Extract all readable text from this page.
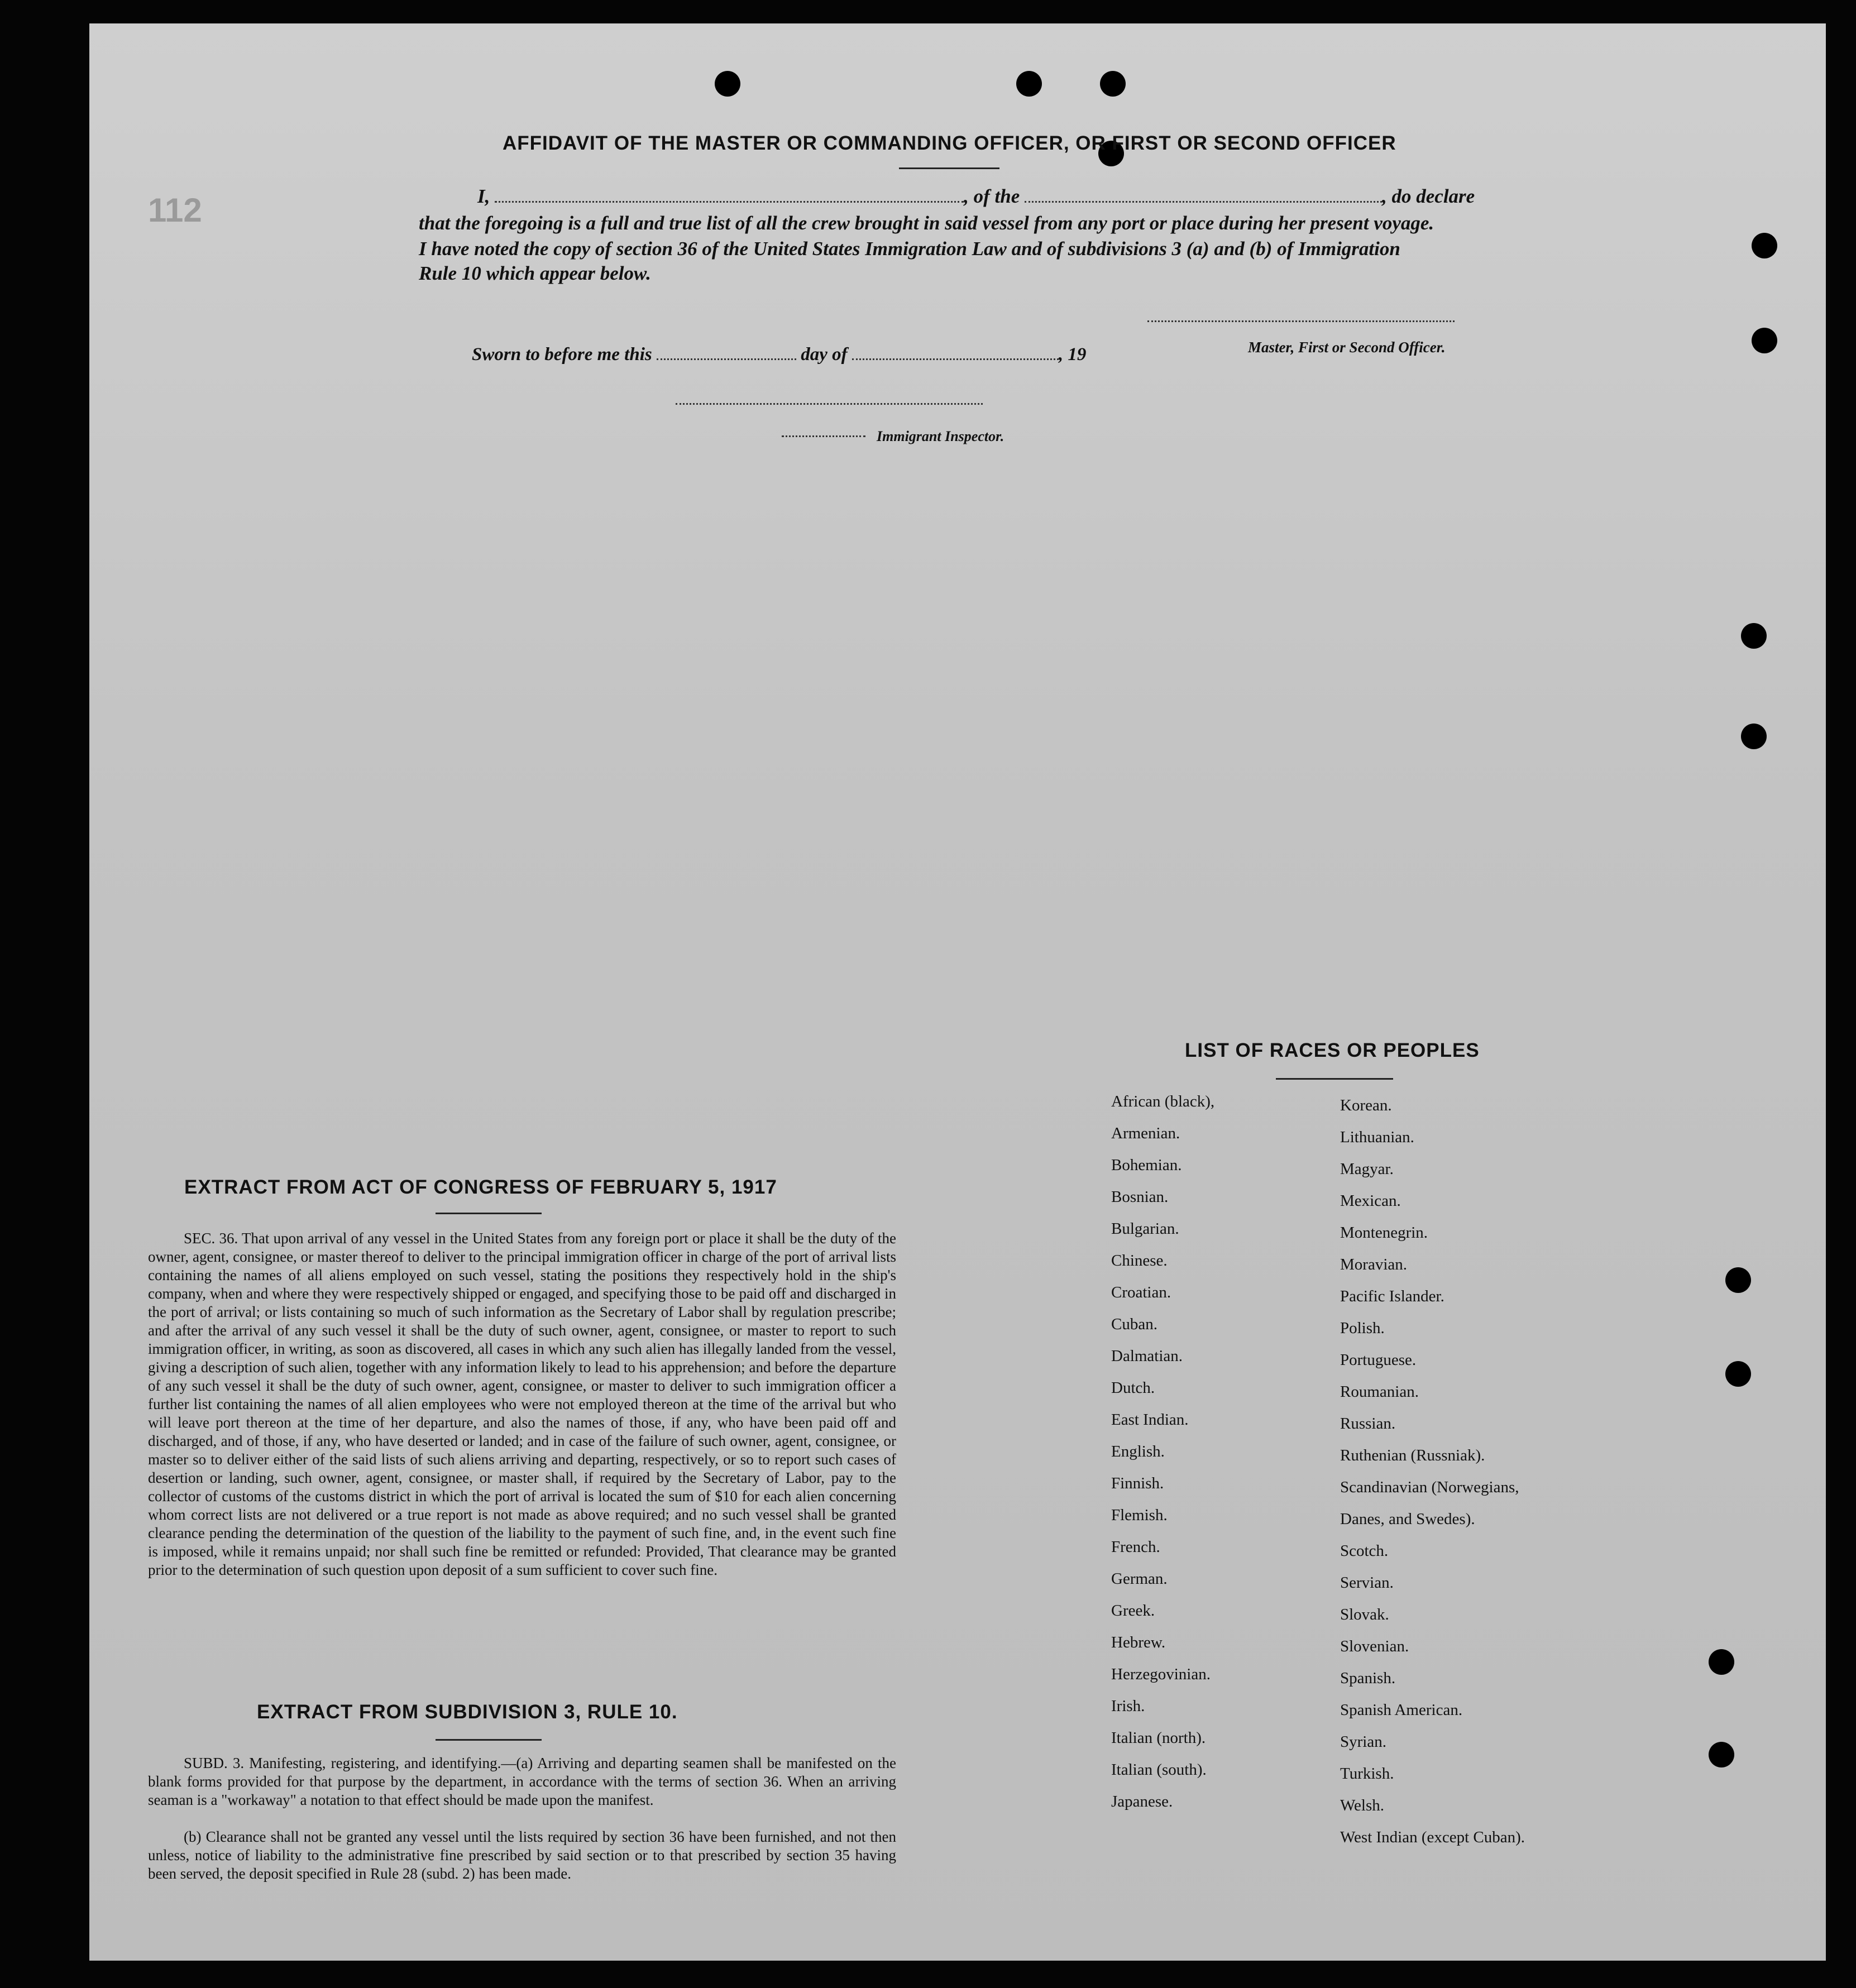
112
AFFIDAVIT OF THE MASTER OR COMMANDING OFFICER, OR FIRST OR SECOND OFFICER
I,	, of the	, do declare
that the foregoing is a full and true list of all the crew brought in said vessel from any port or place during her present voyage.
I have noted the copy of section 36 of the United States Immigration Law and of subdivisions 3 (a) and (b) of Immigration
Rule 10 which appear below.
Sworn to before me this	day of	, 19	Master, First or Second Officer.
Immigrant Inspector.
LIST OF RACES OR PEOPLES
African (black),
Armenian.
Bohemian.
Bosnian.
Bulgarian.
Chinese.
Croatian.
Cuban.
Dalmatian.
Dutch.
East Indian.
English.
Finnish.
Flemish.
French.
German.
Greek.
Hebrew.
Herzegovinian.
Irish.
Italian (north).
Italian (south).
Japanese.
Korean.
Lithuanian.
Magyar.
Mexican.
Montenegrin.
Moravian.
Pacific Islander.
Polish.
Portuguese.
Roumanian.
Russian.
Ruthenian (Russniak).
Scandinavian (Norwegians,
Danes, and Swedes).
Scotch.
Servian.
Slovak.
Slovenian.
Spanish.
Spanish American.
Syrian.
Turkish.
Welsh.
West Indian (except Cuban).
EXTRACT FROM ACT OF CONGRESS OF FEBRUARY 5, 1917
SEC. 36. That upon arrival of any vessel in the United States from any foreign port or place it shall be the duty of the owner, agent, consignee, or master thereof to deliver to the principal immigration officer in charge of the port of arrival lists containing the names of all aliens employed on such vessel, stating the positions they respectively hold in the ship's company, when and where they were respectively shipped or engaged, and specifying those to be paid off and discharged in the port of arrival; or lists containing so much of such information as the Secretary of Labor shall by regulation prescribe; and after the arrival of any such vessel it shall be the duty of such owner, agent, consignee, or master to report to such immigration officer, in writing, as soon as discovered, all cases in which any such alien has illegally landed from the vessel, giving a description of such alien, together with any information likely to lead to his apprehension; and before the departure of any such vessel it shall be the duty of such owner, agent, consignee, or master to deliver to such immigration officer a further list containing the names of all alien employees who were not employed thereon at the time of the arrival but who will leave port thereon at the time of her departure, and also the names of those, if any, who have been paid off and discharged, and of those, if any, who have deserted or landed; and in case of the failure of such owner, agent, consignee, or master so to deliver either of the said lists of such aliens arriving and departing, respectively, or so to report such cases of desertion or landing, such owner, agent, consignee, or master shall, if required by the Secretary of Labor, pay to the collector of customs of the customs district in which the port of arrival is located the sum of $10 for each alien concerning whom correct lists are not delivered or a true report is not made as above required; and no such vessel shall be granted clearance pending the determination of the question of the liability to the payment of such fine, and, in the event such fine is imposed, while it remains unpaid; nor shall such fine be remitted or refunded: Provided, That clearance may be granted prior to the determination of such question upon deposit of a sum sufficient to cover such fine.
EXTRACT FROM SUBDIVISION 3, RULE 10.
SUBD. 3. Manifesting, registering, and identifying.—(a) Arriving and departing seamen shall be manifested on the blank forms provided for that purpose by the department, in accordance with the terms of section 36. When an arriving seaman is a "workaway" a notation to that effect should be made upon the manifest.
(b) Clearance shall not be granted any vessel until the lists required by section 36 have been furnished, and not then unless, notice of liability to the administrative fine prescribed by said section or to that prescribed by section 35 having been served, the deposit specified in Rule 28 (subd. 2) has been made.
